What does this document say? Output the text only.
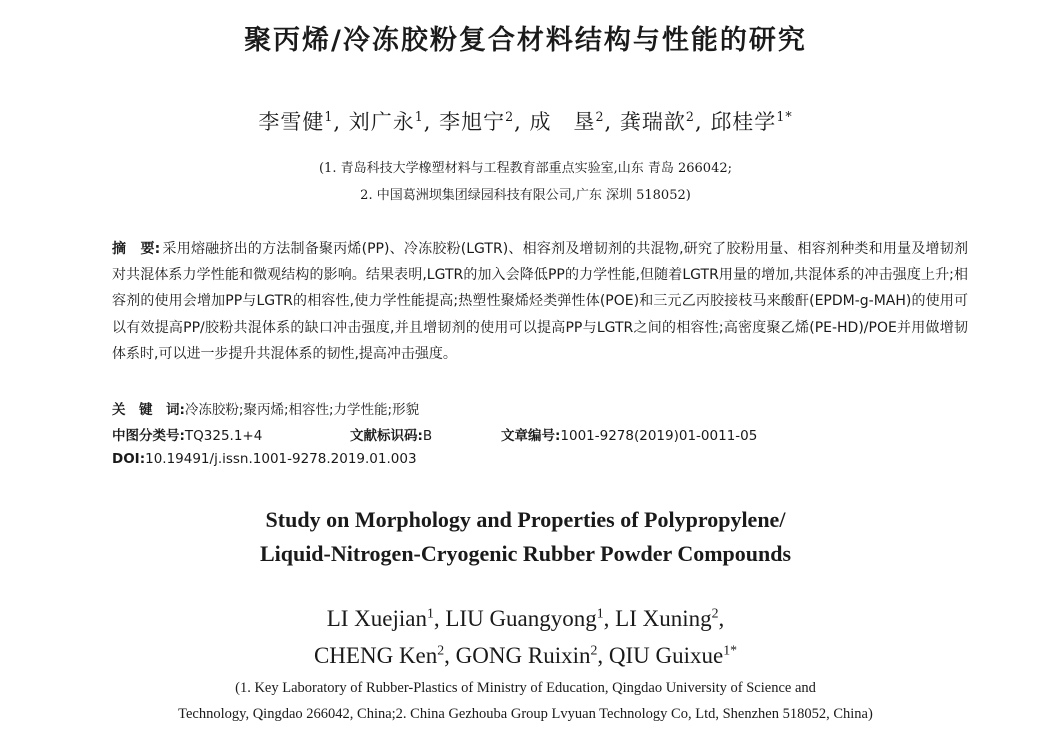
聚丙烯/冷冻胶粉复合材料结构与性能的研究
李雪健$^1$, 刘广永$^1$, 李旭宁$^2$, 成　垦$^2$, 龚瑞歆$^2$, 邱桂学$^{1*}$
(1. 青岛科技大学橡塑材料与工程教育部重点实验室,山东 青岛 266042;
2. 中国葛洲坝集团绿园科技有限公司,广东 深圳 518052)
摘　要: 采用熔融挤出的方法制备聚丙烯(PP)、冷冻胶粉(LGTR)、相容剂及增韧剂的共混物,研究了胶粉用量、相容剂种类和用量及增韧剂对共混体系力学性能和微观结构的影响。结果表明,LGTR的加入会降低PP的力学性能,但随着LGTR用量的增加,共混体系的冲击强度上升;相容剂的使用会增加PP与LGTR的相容性,使力学性能提高;热塑性聚烯烃类弹性体(POE)和三元乙丙胶接枝马来酸酐(EPDM-g-MAH)的使用可以有效提高PP/胶粉共混体系的缺口冲击强度,并且增韧剂的使用可以提高PP与LGTR之间的相容性;高密度聚乙烯(PE-HD)/POE并用做增韧体系时,可以进一步提升共混体系的韧性,提高冲击强度。
关　键　词:冷冻胶粉;聚丙烯;相容性;力学性能;形貌
中图分类号:TQ325.1+4	文献标识码:B	文章编号:1001-9278(2019)01-0011-05
DOI:10.19491/j.issn.1001-9278.2019.01.003
Study on Morphology and Properties of Polypropylene/
Liquid-Nitrogen-Cryogenic Rubber Powder Compounds
LI Xuejian$^1$, LIU Guangyong$^1$, LI Xuning$^2$,
CHENG Ken$^2$, GONG Ruixin$^2$, QIU Guixue$^{1*}$
(1. Key Laboratory of Rubber-Plastics of Ministry of Education, Qingdao University of Science and
Technology, Qingdao 266042, China;2. China Gezhouba Group Lvyuan Technology Co, Ltd, Shenzhen 518052, China)
